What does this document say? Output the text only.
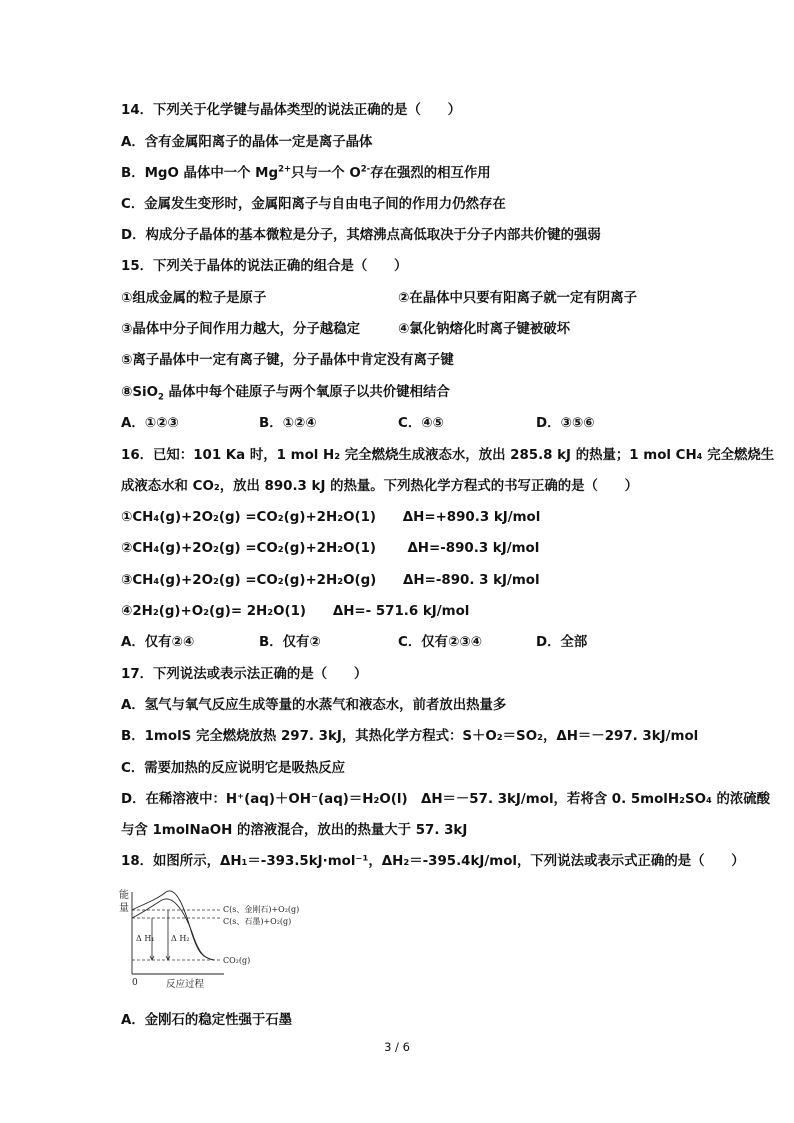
14．下列关于化学键与晶体类型的说法正确的是（　　）
A．含有金属阳离子的晶体一定是离子晶体
B．MgO 晶体中一个 $Mg^{2+}$只与一个 $O^{2-}$存在强烈的相互作用
C．金属发生变形时，金属阳离子与自由电子间的作用力仍然存在
D．构成分子晶体的基本微粒是分子，其熔沸点高低取决于分子内部共价键的强弱
15．下列关于晶体的说法正确的组合是（　　）
①组成金属的粒子是原子	②在晶体中只要有阳离子就一定有阴离子
③晶体中分子间作用力越大，分子越稳定	④氯化钠熔化时离子键被破坏
⑤离子晶体中一定有离子键，分子晶体中肯定没有离子键
⑧SiO$_2$ 晶体中每个硅原子与两个氧原子以共价键相结合
A．①②③	B．①②④	C．④⑤	D．③⑤⑥
16．已知：101 Ka 时，1 mol H₂ 完全燃烧生成液态水，放出 285.8 kJ 的热量；1 mol CH₄ 完全燃烧生
成液态水和 CO₂，放出 890.3 kJ 的热量。下列热化学方程式的书写正确的是（　　）
①CH₄(g)+2O₂(g) =CO₂(g)+2H₂O(1)　　ΔH=+890.3 kJ/mol
②CH₄(g)+2O₂(g) =CO₂(g)+2H₂O(1)　　 ΔH=-890.3 kJ/mol
③CH₄(g)+2O₂(g) =CO₂(g)+2H₂O(g)　　ΔH=-890. 3 kJ/mol
④2H₂(g)+O₂(g)= 2H₂O(1)　　ΔH=- 571.6 kJ/mol
A．仅有②④	B．仅有②	C．仅有②③④	D．全部
17．下列说法或表示法正确的是（　　）
A．氢气与氧气反应生成等量的水蒸气和液态水，前者放出热量多
B．1molS 完全燃烧放热 297. 3kJ，其热化学方程式：S＋O₂＝SO₂，ΔH＝－297. 3kJ/mol
C．需要加热的反应说明它是吸热反应
D．在稀溶液中：H⁺(aq)＋OH⁻(aq)＝H₂O(l)　ΔH＝－57. 3kJ/mol，若将含 0. 5molH₂SO₄ 的浓硫酸
与含 1molNaOH 的溶液混合，放出的热量大于 57. 3kJ
18．如图所示，ΔH₁＝-393.5kJ·mol⁻¹，ΔH₂＝-395.4kJ/mol，下列说法或表示式正确的是（　　）
能
量
0	反应过程
Δ H₁ Δ H₂
C(s、金刚石)+O₂(g)
C(s、石墨)+O₂(g)
CO₂(g)
A．金刚石的稳定性强于石墨
3 / 6
